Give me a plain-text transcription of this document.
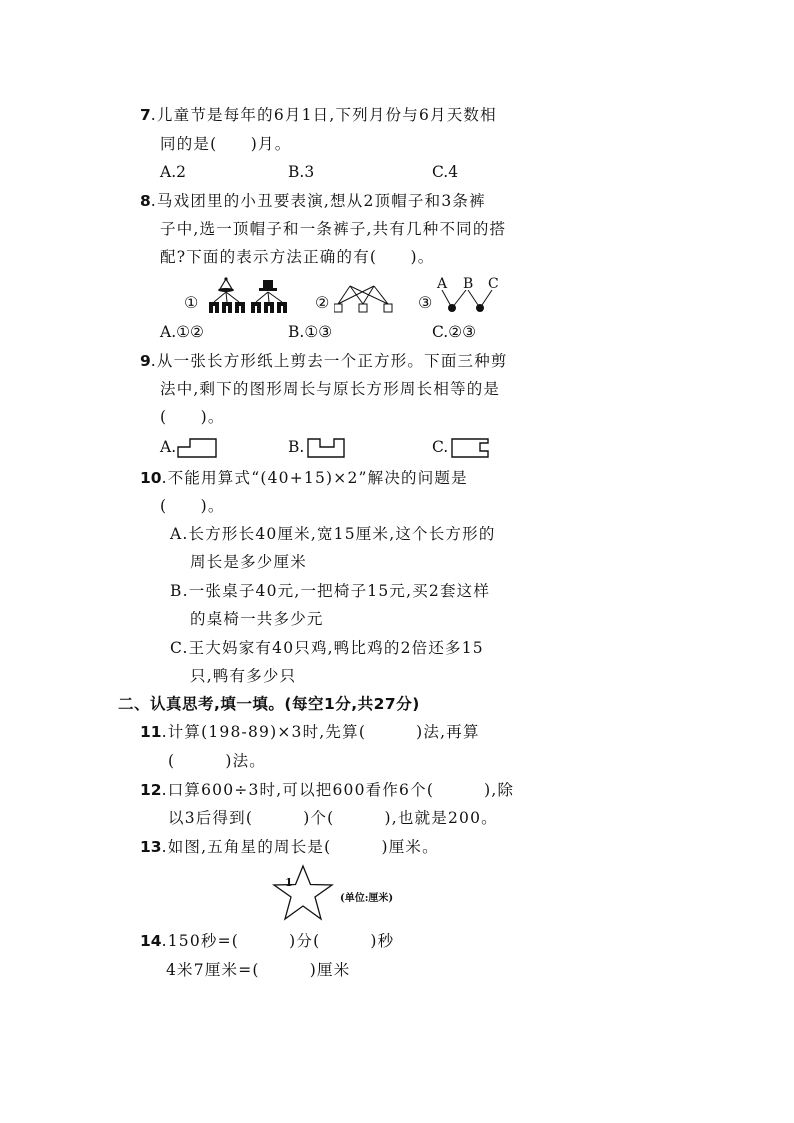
7.儿童节是每年的6月1日,下列月份与6月天数相
同的是(　　)月。
A.2	B.3	C.4
8.马戏团里的小丑要表演,想从2顶帽子和3条裤
子中,选一顶帽子和一条裤子,共有几种不同的搭
配?下面的表示方法正确的有(　　)。
①	②	③
A B C
A.①②	B.①③	C.②③
9.从一张长方形纸上剪去一个正方形。下面三种剪
法中,剩下的图形周长与原长方形周长相等的是
(　　)。
A.	B.	C.
10.不能用算式“(40+15)×2”解决的问题是
(　　)。
A.长方形长40厘米,宽15厘米,这个长方形的
周长是多少厘米
B.一张桌子40元,一把椅子15元,买2套这样
的桌椅一共多少元
C.王大妈家有40只鸡,鸭比鸡的2倍还多15
只,鸭有多少只
二、认真思考,填一填。(每空1分,共27分)
11.计算(198-89)×3时,先算(　　　)法,再算
(　　　)法。
12.口算600÷3时,可以把600看作6个(　　　),除
以3后得到(　　　)个(　　　),也就是200。
13.如图,五角星的周长是(　　　)厘米。
1
(单位:厘米)
14.150秒=(　　　)分(　　　)秒
4米7厘米=(　　　)厘米
